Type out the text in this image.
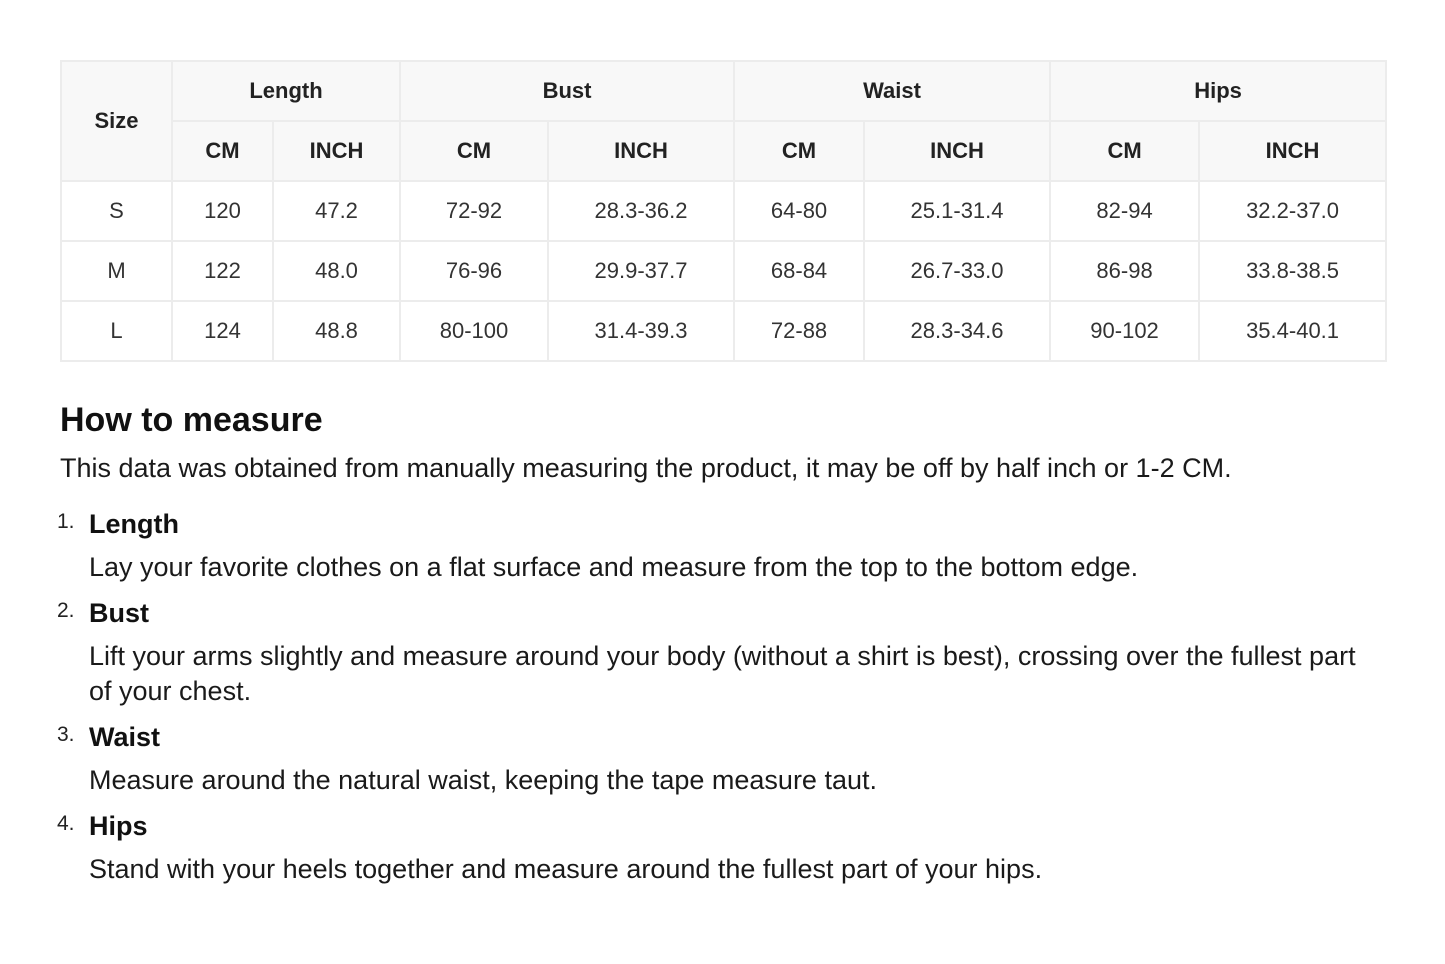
Size	Length		Bust		Waist		Hips	
	CM	INCH	CM	INCH	CM	INCH	CM	INCH
S	120	47.2	72-92	28.3-36.2	64-80	25.1-31.4	82-94	32.2-37.0
M	122	48.0	76-96	29.9-37.7	68-84	26.7-33.0	86-98	33.8-38.5
L	124	48.8	80-100	31.4-39.3	72-88	28.3-34.6	90-102	35.4-40.1
How to measure

This data was obtained from manually measuring the product, it may be off by half inch or 1-2 CM.

1. Length
Lay your favorite clothes on a flat surface and measure from the top to the bottom edge.
2. Bust
Lift your arms slightly and measure around your body (without a shirt is best), crossing over the fullest part of your chest.
3. Waist
Measure around the natural waist, keeping the tape measure taut.
4. Hips
Stand with your heels together and measure around the fullest part of your hips.
